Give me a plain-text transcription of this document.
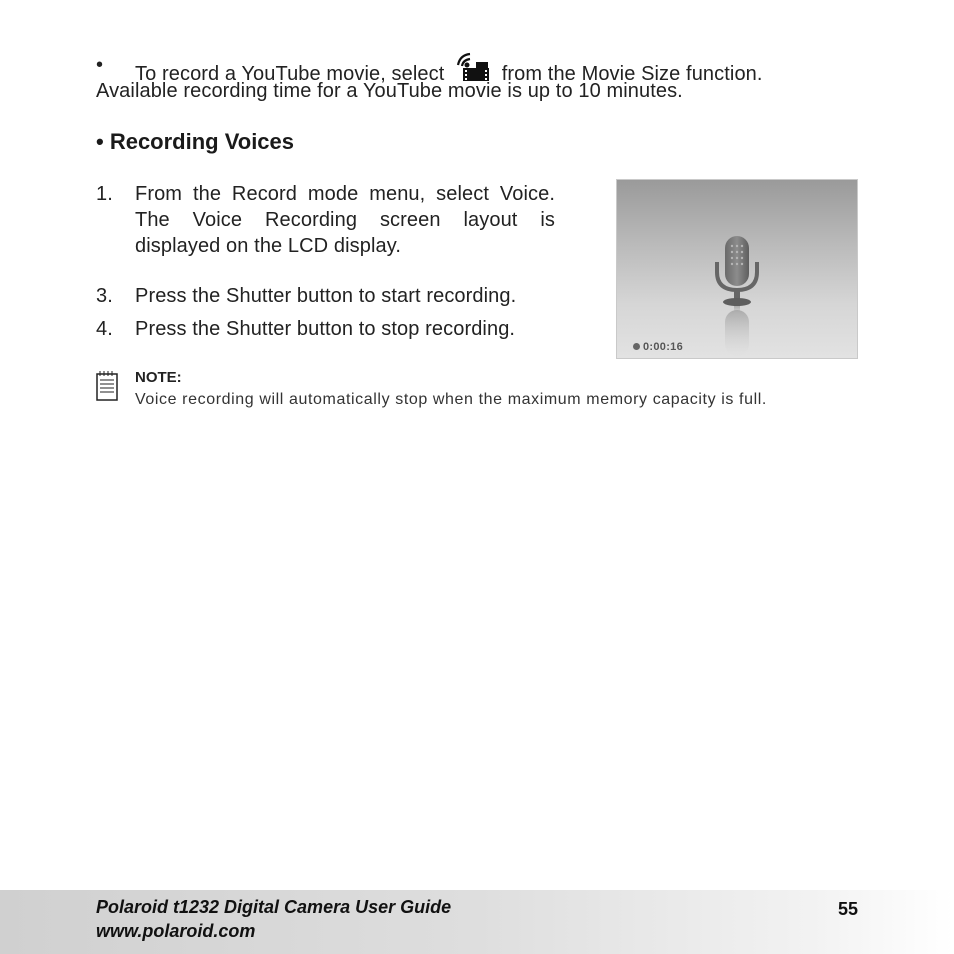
• To record a YouTube movie, select	from the Movie Size function.
Available recording time for a YouTube movie is up to 10 minutes.
• Recording Voices
1. From the Record mode menu, select Voice. The Voice Recording screen layout is displayed on the LCD display.
3. Press the Shutter button to start recording.
4. Press the Shutter button to stop recording.
0:00:16
NOTE:
Voice recording will automatically stop when the maximum memory capacity is full.
Polaroid t1232 Digital Camera User Guide
www.polaroid.com
55
